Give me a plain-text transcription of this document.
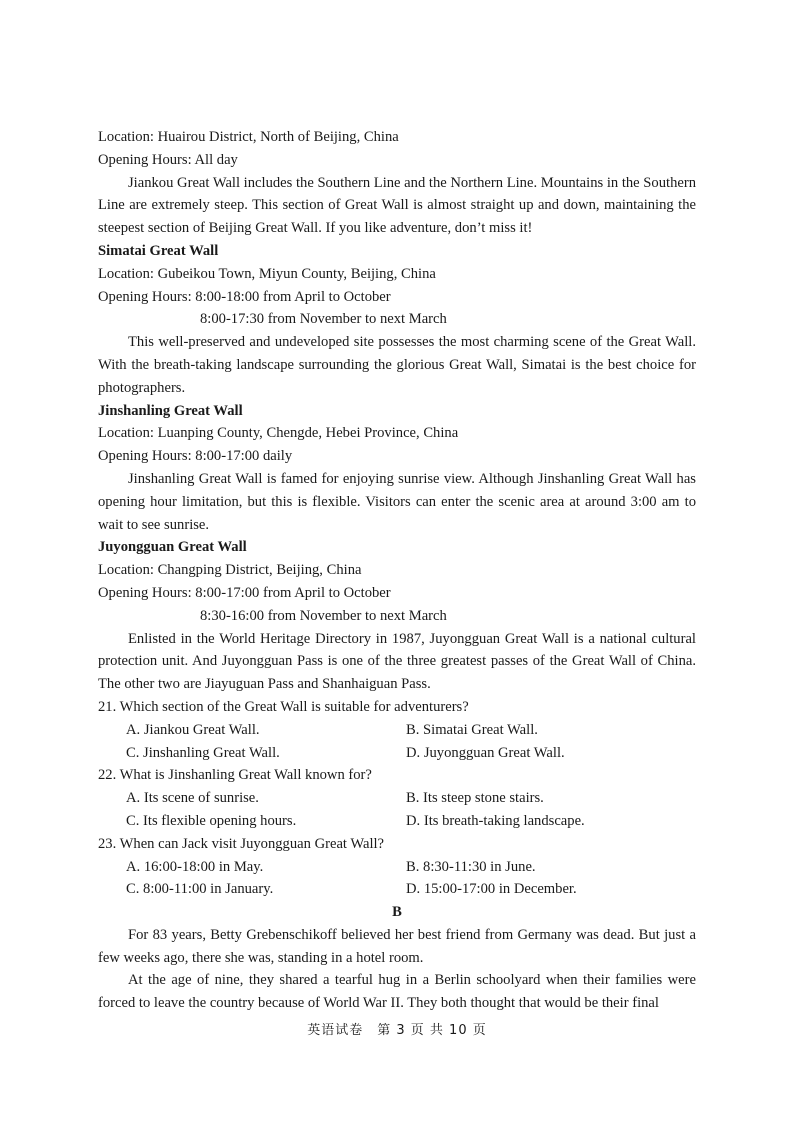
Location: Huairou District, North of Beijing, China
Opening Hours: All day

Jiankou Great Wall includes the Southern Line and the Northern Line. Mountains in the Southern Line are extremely steep. This section of Great Wall is almost straight up and down, maintaining the steepest section of Beijing Great Wall. If you like adventure, don’t miss it!

Simatai Great Wall
Location: Gubeikou Town, Miyun County, Beijing, China
Opening Hours: 8:00-18:00 from April to October
8:00-17:30 from November to next March

This well-preserved and undeveloped site possesses the most charming scene of the Great Wall. With the breath-taking landscape surrounding the glorious Great Wall, Simatai is the best choice for photographers.

Jinshanling Great Wall
Location: Luanping County, Chengde, Hebei Province, China
Opening Hours: 8:00-17:00 daily

Jinshanling Great Wall is famed for enjoying sunrise view. Although Jinshanling Great Wall has opening hour limitation, but this is flexible. Visitors can enter the scenic area at around 3:00 am to wait to see sunrise.

Juyongguan Great Wall
Location: Changping District, Beijing, China
Opening Hours: 8:00-17:00 from April to October
8:30-16:00 from November to next March

Enlisted in the World Heritage Directory in 1987, Juyongguan Great Wall is a national cultural protection unit. And Juyongguan Pass is one of the three greatest passes of the Great Wall of China. The other two are Jiayuguan Pass and Shanhaiguan Pass.

21. Which section of the Great Wall is suitable for adventurers?
A. Jiankou Great Wall.	B. Simatai Great Wall.
C. Jinshanling Great Wall.	D. Juyongguan Great Wall.
22. What is Jinshanling Great Wall known for?
A. Its scene of sunrise.	B. Its steep stone stairs.
C. Its flexible opening hours.	D. Its breath-taking landscape.
23. When can Jack visit Juyongguan Great Wall?
A. 16:00-18:00 in May.	B. 8:30-11:30 in June.
C. 8:00-11:00 in January.	D. 15:00-17:00 in December.
B

For 83 years, Betty Grebenschikoff believed her best friend from Germany was dead. But just a few weeks ago, there she was, standing in a hotel room.

At the age of nine, they shared a tearful hug in a Berlin schoolyard when their families were forced to leave the country because of World War II. They both thought that would be their final

英语试卷　第 3 页 共 10 页
